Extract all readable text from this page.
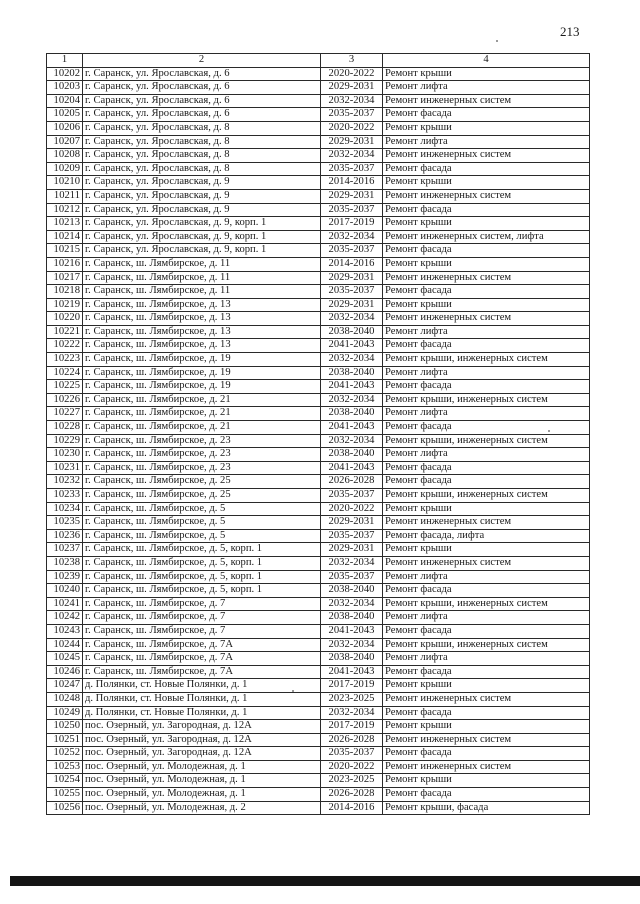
213
1	2	3	4
10202	г. Саранск, ул. Ярославская, д. 6	2020-2022	Ремонт крыши
10203	г. Саранск, ул. Ярославская, д. 6	2029-2031	Ремонт лифта
10204	г. Саранск, ул. Ярославская, д. 6	2032-2034	Ремонт инженерных систем
10205	г. Саранск, ул. Ярославская, д. 6	2035-2037	Ремонт фасада
10206	г. Саранск, ул. Ярославская, д. 8	2020-2022	Ремонт крыши
10207	г. Саранск, ул. Ярославская, д. 8	2029-2031	Ремонт лифта
10208	г. Саранск, ул. Ярославская, д. 8	2032-2034	Ремонт инженерных систем
10209	г. Саранск, ул. Ярославская, д. 8	2035-2037	Ремонт фасада
10210	г. Саранск, ул. Ярославская, д. 9	2014-2016	Ремонт крыши
10211	г. Саранск, ул. Ярославская, д. 9	2029-2031	Ремонт инженерных систем
10212	г. Саранск, ул. Ярославская, д. 9	2035-2037	Ремонт фасада
10213	г. Саранск, ул. Ярославская, д. 9, корп. 1	2017-2019	Ремонт крыши
10214	г. Саранск, ул. Ярославская, д. 9, корп. 1	2032-2034	Ремонт инженерных систем, лифта
10215	г. Саранск, ул. Ярославская, д. 9, корп. 1	2035-2037	Ремонт фасада
10216	г. Саранск, ш. Лямбирское, д. 11	2014-2016	Ремонт крыши
10217	г. Саранск, ш. Лямбирское, д. 11	2029-2031	Ремонт инженерных систем
10218	г. Саранск, ш. Лямбирское, д. 11	2035-2037	Ремонт фасада
10219	г. Саранск, ш. Лямбирское, д. 13	2029-2031	Ремонт крыши
10220	г. Саранск, ш. Лямбирское, д. 13	2032-2034	Ремонт инженерных систем
10221	г. Саранск, ш. Лямбирское, д. 13	2038-2040	Ремонт лифта
10222	г. Саранск, ш. Лямбирское, д. 13	2041-2043	Ремонт фасада
10223	г. Саранск, ш. Лямбирское, д. 19	2032-2034	Ремонт крыши, инженерных систем
10224	г. Саранск, ш. Лямбирское, д. 19	2038-2040	Ремонт лифта
10225	г. Саранск, ш. Лямбирское, д. 19	2041-2043	Ремонт фасада
10226	г. Саранск, ш. Лямбирское, д. 21	2032-2034	Ремонт крыши, инженерных систем
10227	г. Саранск, ш. Лямбирское, д. 21	2038-2040	Ремонт лифта
10228	г. Саранск, ш. Лямбирское, д. 21	2041-2043	Ремонт фасада
10229	г. Саранск, ш. Лямбирское, д. 23	2032-2034	Ремонт крыши, инженерных систем
10230	г. Саранск, ш. Лямбирское, д. 23	2038-2040	Ремонт лифта
10231	г. Саранск, ш. Лямбирское, д. 23	2041-2043	Ремонт фасада
10232	г. Саранск, ш. Лямбирское, д. 25	2026-2028	Ремонт фасада
10233	г. Саранск, ш. Лямбирское, д. 25	2035-2037	Ремонт крыши, инженерных систем
10234	г. Саранск, ш. Лямбирское, д. 5	2020-2022	Ремонт крыши
10235	г. Саранск, ш. Лямбирское, д. 5	2029-2031	Ремонт инженерных систем
10236	г. Саранск, ш. Лямбирское, д. 5	2035-2037	Ремонт фасада, лифта
10237	г. Саранск, ш. Лямбирское, д. 5, корп. 1	2029-2031	Ремонт крыши
10238	г. Саранск, ш. Лямбирское, д. 5, корп. 1	2032-2034	Ремонт инженерных систем
10239	г. Саранск, ш. Лямбирское, д. 5, корп. 1	2035-2037	Ремонт лифта
10240	г. Саранск, ш. Лямбирское, д. 5, корп. 1	2038-2040	Ремонт фасада
10241	г. Саранск, ш. Лямбирское, д. 7	2032-2034	Ремонт крыши, инженерных систем
10242	г. Саранск, ш. Лямбирское, д. 7	2038-2040	Ремонт лифта
10243	г. Саранск, ш. Лямбирское, д. 7	2041-2043	Ремонт фасада
10244	г. Саранск, ш. Лямбирское, д. 7А	2032-2034	Ремонт крыши, инженерных систем
10245	г. Саранск, ш. Лямбирское, д. 7А	2038-2040	Ремонт лифта
10246	г. Саранск, ш. Лямбирское, д. 7А	2041-2043	Ремонт фасада
10247	д. Полянки, ст. Новые Полянки, д. 1	2017-2019	Ремонт крыши
10248	д. Полянки, ст. Новые Полянки, д. 1	2023-2025	Ремонт инженерных систем
10249	д. Полянки, ст. Новые Полянки, д. 1	2032-2034	Ремонт фасада
10250	пос. Озерный, ул. Загородная, д. 12А	2017-2019	Ремонт крыши
10251	пос. Озерный, ул. Загородная, д. 12А	2026-2028	Ремонт инженерных систем
10252	пос. Озерный, ул. Загородная, д. 12А	2035-2037	Ремонт фасада
10253	пос. Озерный, ул. Молодежная, д. 1	2020-2022	Ремонт инженерных систем
10254	пос. Озерный, ул. Молодежная, д. 1	2023-2025	Ремонт крыши
10255	пос. Озерный, ул. Молодежная, д. 1	2026-2028	Ремонт фасада
10256	пос. Озерный, ул. Молодежная, д. 2	2014-2016	Ремонт крыши, фасада
